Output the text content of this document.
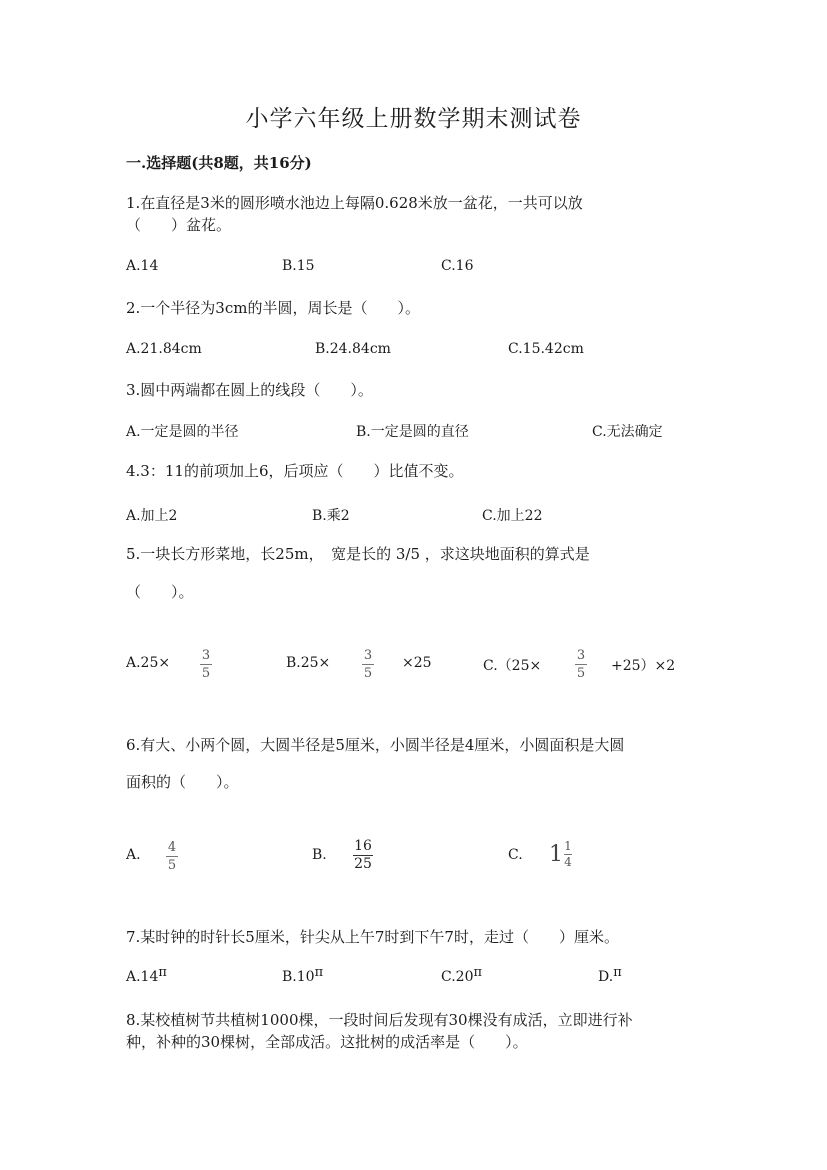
小学六年级上册数学期末测试卷
一.选择题(共8题，共16分)
1.在直径是3米的圆形喷水池边上每隔0.628米放一盆花，一共可以放
（　　）盆花。
A.14	B.15	C.16
2.一个半径为3cm的半圆，周长是（　　）。
A.21.84cm	B.24.84cm	C.15.42cm
3.圆中两端都在圆上的线段（　　）。
A.一定是圆的半径	B.一定是圆的直径	C.无法确定
4.3：11的前项加上6，后项应（　　）比值不变。
A.加上2	B.乘2	C.加上22
5.一块长方形菜地，长25m，　宽是长的 3/5 ，求这块地面积的算式是
（　　）。
A.25× 3
5
B.25×	3
5
×25	C.（25×
3
5 +25）×2
6.有大、小两个圆，大圆半径是5厘米，小圆半径是4厘米，小圆面积是大圆
面积的（　　）。
A. 4
5
B.
16
25
C. $1 \frac{1}{4}$
7.某时钟的时针长5厘米，针尖从上午7时到下午7时，走过（　　）厘米。
A.14π	B.10π	C.20π	D.π
8.某校植树节共植树1000棵，一段时间后发现有30棵没有成活，立即进行补
种，补种的30棵树，全部成活。这批树的成活率是（　　）。
